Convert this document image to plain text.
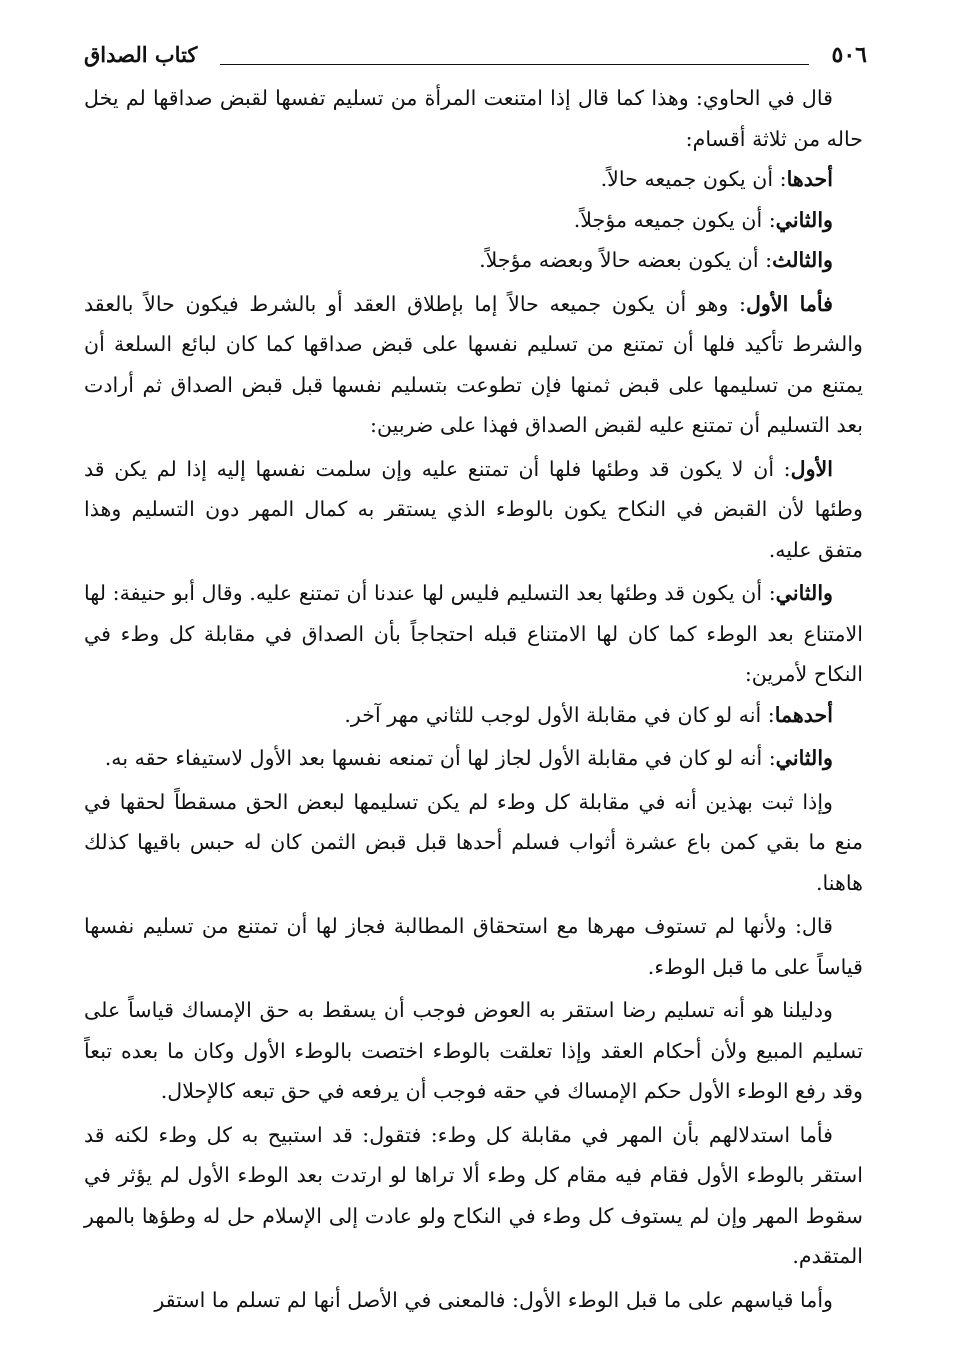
٥٠٦
كتاب الصداق

قال في الحاوي: وهذا كما قال إذا امتنعت المرأة من تسليم تفسها لقبض صداقها لم يخل حاله من ثلاثة أقسام:

أحدها: أن يكون جميعه حالاً.

والثاني: أن يكون جميعه مؤجلاً.

والثالث: أن يكون بعضه حالاً وبعضه مؤجلاً.

فأما الأول: وهو أن يكون جميعه حالاً إما بإطلاق العقد أو بالشرط فيكون حالاً بالعقد والشرط تأكيد فلها أن تمتنع من تسليم نفسها على قبض صداقها كما كان لبائع السلعة أن يمتنع من تسليمها على قبض ثمنها فإن تطوعت بتسليم نفسها قبل قبض الصداق ثم أرادت بعد التسليم أن تمتنع عليه لقبض الصداق فهذا على ضربين:

الأول: أن لا يكون قد وطئها فلها أن تمتنع عليه وإن سلمت نفسها إليه إذا لم يكن قد وطئها لأن القبض في النكاح يكون بالوطء الذي يستقر به كمال المهر دون التسليم وهذا متفق عليه.

والثاني: أن يكون قد وطئها بعد التسليم فليس لها عندنا أن تمتنع عليه. وقال أبو حنيفة: لها الامتناع بعد الوطء كما كان لها الامتناع قبله احتجاجاً بأن الصداق في مقابلة كل وطء في النكاح لأمرين:

أحدهما: أنه لو كان في مقابلة الأول لوجب للثاني مهر آخر.

والثاني: أنه لو كان في مقابلة الأول لجاز لها أن تمنعه نفسها بعد الأول لاستيفاء حقه به.

وإذا ثبت بهذين أنه في مقابلة كل وطء لم يكن تسليمها لبعض الحق مسقطاً لحقها في منع ما بقي كمن باع عشرة أثواب فسلم أحدها قبل قبض الثمن كان له حبس باقيها كذلك هاهنا.

قال: ولأنها لم تستوف مهرها مع استحقاق المطالبة فجاز لها أن تمتنع من تسليم نفسها قياساً على ما قبل الوطء.

ودليلنا هو أنه تسليم رضا استقر به العوض فوجب أن يسقط به حق الإمساك قياساً على تسليم المبيع ولأن أحكام العقد وإذا تعلقت بالوطء اختصت بالوطء الأول وكان ما بعده تبعاً وقد رفع الوطء الأول حكم الإمساك في حقه فوجب أن يرفعه في حق تبعه كالإحلال.

فأما استدلالهم بأن المهر في مقابلة كل وطء: فتقول: قد استبيح به كل وطء لكنه قد استقر بالوطء الأول فقام فيه مقام كل وطء ألا تراها لو ارتدت بعد الوطء الأول لم يؤثر في سقوط المهر وإن لم يستوف كل وطء في النكاح ولو عادت إلى الإسلام حل له وطؤها بالمهر المتقدم.

وأما قياسهم على ما قبل الوطء الأول: فالمعنى في الأصل أنها لم تسلم ما استقر
